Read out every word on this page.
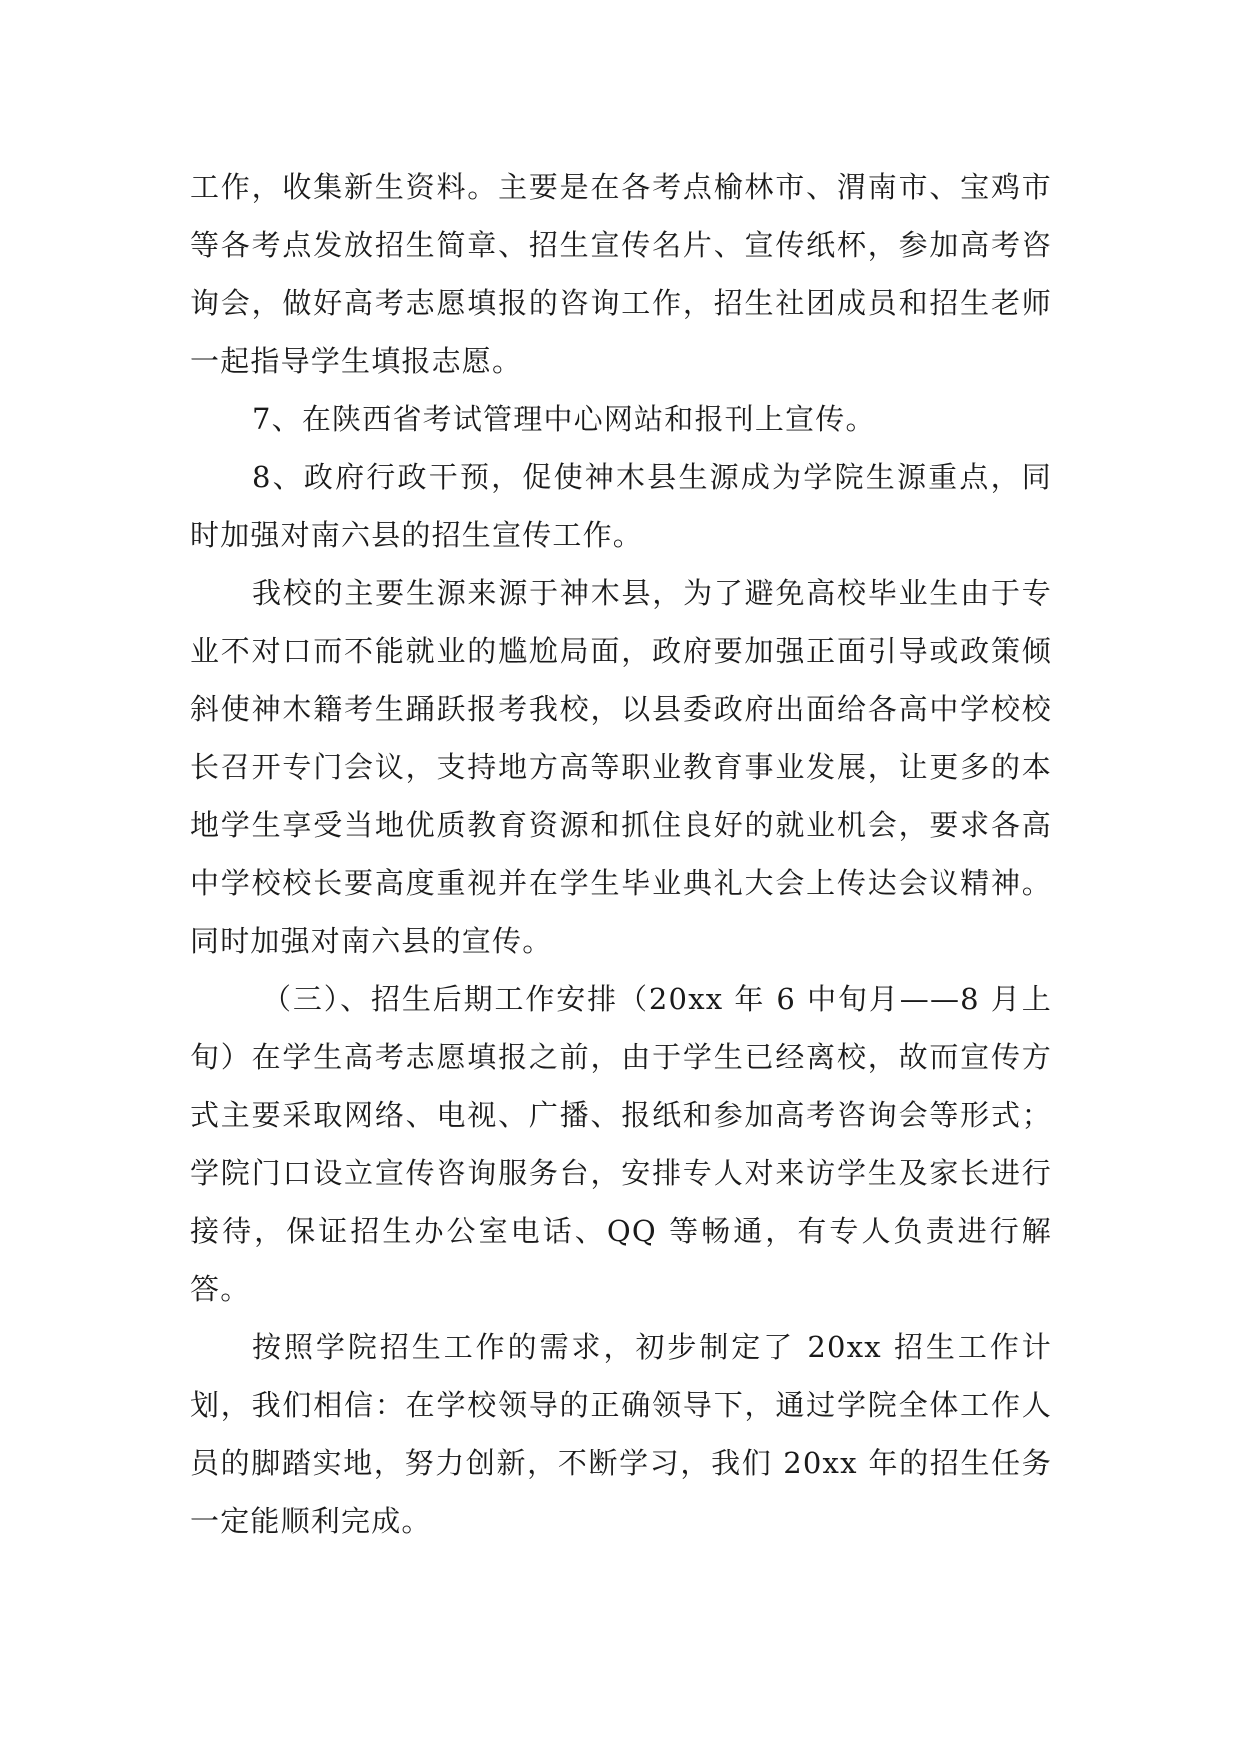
工作，收集新生资料。主要是在各考点榆林市、渭南市、宝鸡市等各考点发放招生简章、招生宣传名片、宣传纸杯，参加高考咨询会，做好高考志愿填报的咨询工作，招生社团成员和招生老师一起指导学生填报志愿。

7、在陕西省考试管理中心网站和报刊上宣传。

8、政府行政干预，促使神木县生源成为学院生源重点，同时加强对南六县的招生宣传工作。

我校的主要生源来源于神木县，为了避免高校毕业生由于专业不对口而不能就业的尴尬局面，政府要加强正面引导或政策倾斜使神木籍考生踊跃报考我校，以县委政府出面给各高中学校校长召开专门会议，支持地方高等职业教育事业发展，让更多的本地学生享受当地优质教育资源和抓住良好的就业机会，要求各高中学校校长要高度重视并在学生毕业典礼大会上传达会议精神。同时加强对南六县的宣传。

（三）、招生后期工作安排（20xx 年 6 中旬月——8 月上旬）在学生高考志愿填报之前，由于学生已经离校，故而宣传方式主要采取网络、电视、广播、报纸和参加高考咨询会等形式；学院门口设立宣传咨询服务台，安排专人对来访学生及家长进行接待，保证招生办公室电话、QQ 等畅通，有专人负责进行解答。

按照学院招生工作的需求，初步制定了 20xx 招生工作计划，我们相信：在学校领导的正确领导下，通过学院全体工作人员的脚踏实地，努力创新，不断学习，我们 20xx 年的招生任务一定能顺利完成。
